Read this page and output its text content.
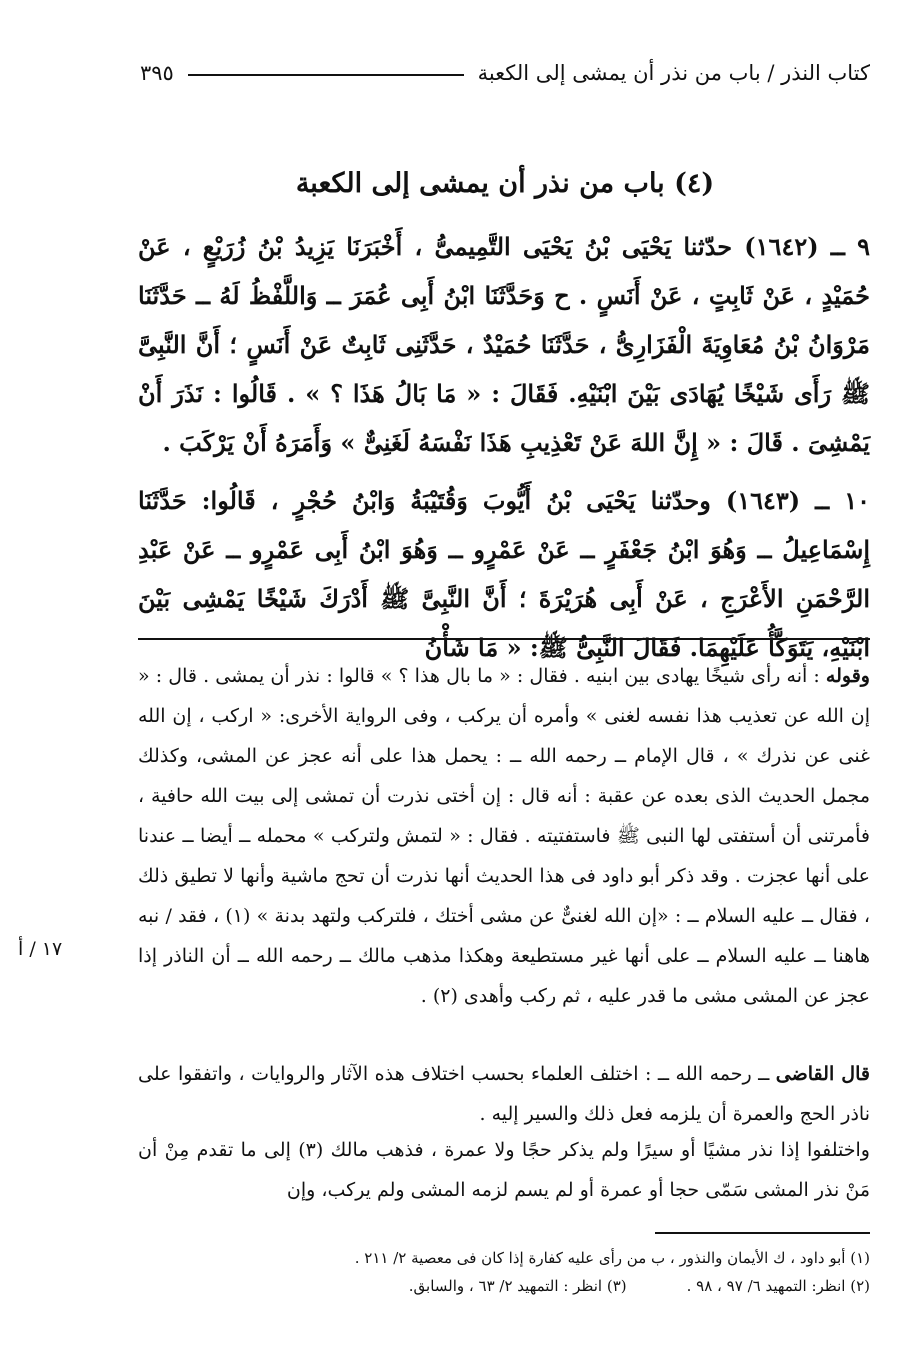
كتاب النذر / باب من نذر أن يمشى إلى الكعبة
٣٩٥
(٤) باب من نذر أن يمشى إلى الكعبة
٩ ــ (١٦٤٢) حدّثنا يَحْيَى بْنُ يَحْيَى التَّمِيمىُّ ، أَخْبَرَنَا يَزِيدُ بْنُ زُرَيْعٍ ، عَنْ حُمَيْدٍ ، عَنْ ثَابِتٍ ، عَنْ أَنَسٍ . ح وَحَدَّثَنَا ابْنُ أَبِى عُمَرَ ــ وَاللَّفْظُ لَهُ ــ حَدَّثَنَا مَرْوَانُ بْنُ مُعَاوِيَةَ الْفَزَارِىُّ ، حَدَّثَنَا حُمَيْدٌ ، حَدَّثَنِى ثَابِتٌ عَنْ أَنَسٍ ؛ أَنَّ النَّبِىَّ ﷺ رَأَى شَيْخًا يُهَادَى بَيْنَ ابْنَيْهِ. فَقَالَ : « مَا بَالُ هَذَا ؟ » . قَالُوا : نَذَرَ أَنْ يَمْشِىَ . قَالَ : « إِنَّ اللهَ عَنْ تَعْذِيبِ هَذَا نَفْسَهُ لَغَنِىٌّ » وَأَمَرَهُ أَنْ يَرْكَبَ .
١٠ ــ (١٦٤٣) وحدّثنا يَحْيَى بْنُ أَيُّوبَ وَقُتَيْبَةُ وَابْنُ حُجْرٍ ، قَالُوا: حَدَّثَنَا إِسْمَاعِيلُ ــ وَهُوَ ابْنُ جَعْفَرٍ ــ عَنْ عَمْرٍو ــ وَهُوَ ابْنُ أَبِى عَمْرٍو ــ عَنْ عَبْدِ الرَّحْمَنِ الأَعْرَجِ ، عَنْ أَبِى هُرَيْرَةَ ؛ أَنَّ النَّبِىَّ ﷺ أَدْرَكَ شَيْخًا يَمْشِى بَيْنَ ابْنَيْهِ، يَتَوَكَّأُ عَلَيْهِمَا. فَقَالَ النَّبِىُّ ﷺ: « مَا شَأْنُ

وقوله : أنه رأى شيخًا يهادى بين ابنيه . فقال : « ما بال هذا ؟ » قالوا : نذر أن يمشى . قال : « إن الله عن تعذيب هذا نفسه لغنى » وأمره أن يركب ، وفى الرواية الأخرى: « اركب ، إن الله غنى عن نذرك » ، قال الإمام ــ رحمه الله ــ : يحمل هذا على أنه عجز عن المشى، وكذلك مجمل الحديث الذى بعده عن عقبة : أنه قال : إن أختى نذرت أن تمشى إلى بيت الله حافية ، فأمرتنى أن أستفتى لها النبى ﷺ فاستفتيته . فقال : « لتمش ولتركب » محمله ــ أيضا ــ عندنا على أنها عجزت . وقد ذكر أبو داود فى هذا الحديث أنها نذرت أن تحج ماشية وأنها لا تطيق ذلك ، فقال ــ عليه السلام ــ : «إن الله لغنىٌّ عن مشى أختك ، فلتركب ولتهد بدنة » (١) ، فقد / نبه هاهنا ــ عليه السلام ــ على أنها غير مستطيعة وهكذا مذهب مالك ــ رحمه الله ــ أن الناذر إذا عجز عن المشى مشى ما قدر عليه ، ثم ركب وأهدى (٢) .

١٧ / أ

قال القاضى ــ رحمه الله ــ : اختلف العلماء بحسب اختلاف هذه الآثار والروايات ، واتفقوا على ناذر الحج والعمرة أن يلزمه فعل ذلك والسير إليه .

واختلفوا إذا نذر مشيًا أو سيرًا ولم يذكر حجًا ولا عمرة ، فذهب مالك (٣) إلى ما تقدم مِنْ أن مَنْ نذر المشى سَمّى حجا أو عمرة أو لم يسم لزمه المشى ولم يركب، وإن

(١) أبو داود ، ك الأيمان والنذور ، ب من رأى عليه كفارة إذا كان فى معصية ٢/ ٢١١ .
(٢) انظر: التمهيد ٦/ ٩٧ ، ٩٨ .
(٣) انظر : التمهيد ٢/ ٦٣ ، والسابق.
